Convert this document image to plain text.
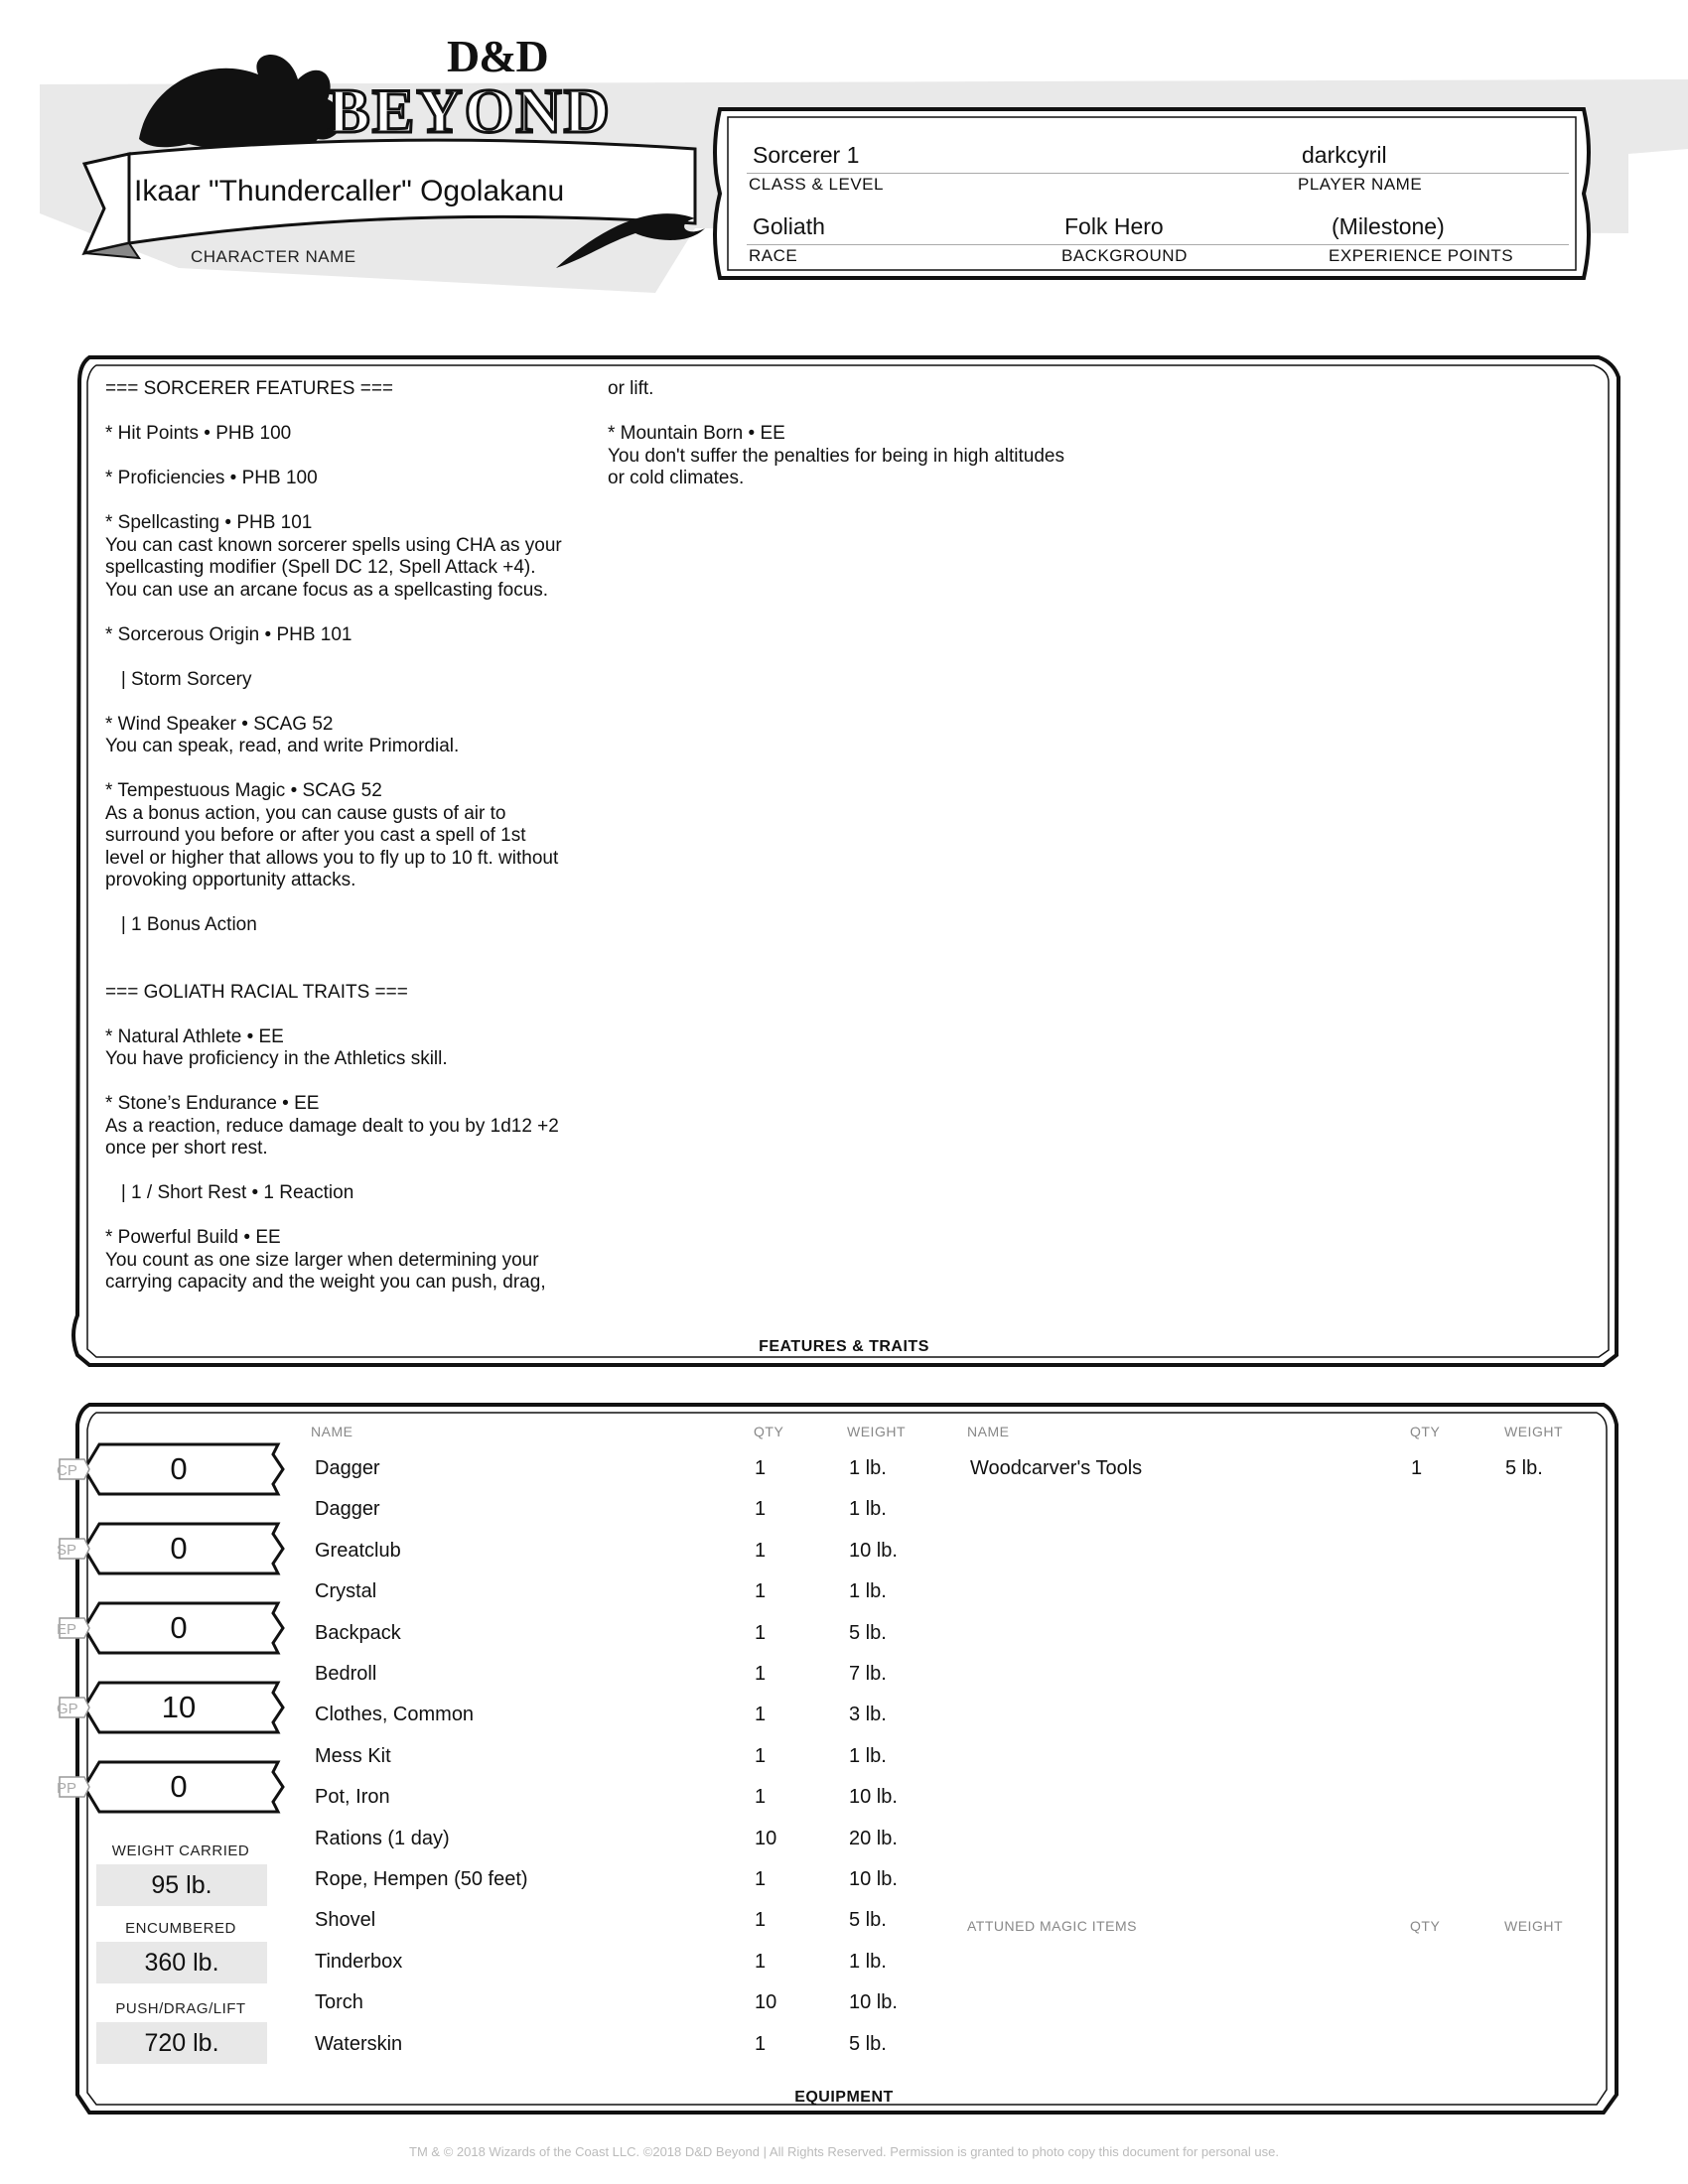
D&D
BEYOND
Ikaar "Thundercaller" Ogolakanu
CHARACTER NAME
Sorcerer 1
CLASS & LEVEL
darkcyril
PLAYER NAME
Goliath
RACE
Folk Hero
BACKGROUND
(Milestone)
EXPERIENCE POINTS
=== SORCERER FEATURES ===

* Hit Points • PHB 100

* Proficiencies • PHB 100

* Spellcasting • PHB 101
You can cast known sorcerer spells using CHA as your
spellcasting modifier (Spell DC 12, Spell Attack +4).
You can use an arcane focus as a spellcasting focus.

* Sorcerous Origin • PHB 101

| Storm Sorcery

* Wind Speaker • SCAG 52
You can speak, read, and write Primordial.

* Tempestuous Magic • SCAG 52
As a bonus action, you can cause gusts of air to
surround you before or after you cast a spell of 1st
level or higher that allows you to fly up to 10 ft. without
provoking opportunity attacks.

| 1 Bonus Action

=== GOLIATH RACIAL TRAITS ===

* Natural Athlete • EE
You have proficiency in the Athletics skill.

* Stone’s Endurance • EE
As a reaction, reduce damage dealt to you by 1d12 +2
once per short rest.

| 1 / Short Rest • 1 Reaction

* Powerful Build • EE
You count as one size larger when determining your
carrying capacity and the weight you can push, drag,
or lift.

* Mountain Born • EE
You don't suffer the penalties for being in high altitudes
or cold climates.
FEATURES & TRAITS
CP	0
SP	0
EP	0
GP	10
PP	0
WEIGHT CARRIED
95 lb.
ENCUMBERED
360 lb.
PUSH/DRAG/LIFT
720 lb.
NAME	QTY	WEIGHT	NAME	QTY	WEIGHT
Dagger	1	1 lb.
Dagger	1	1 lb.
Greatclub	1	10 lb.
Crystal	1	1 lb.
Backpack	1	5 lb.
Bedroll	1	7 lb.
Clothes, Common	1	3 lb.
Mess Kit	1	1 lb.
Pot, Iron	1	10 lb.
Rations (1 day)	10	20 lb.
Rope, Hempen (50 feet)	1	10 lb.
Shovel	1	5 lb.
Tinderbox	1	1 lb.
Torch	10	10 lb.
Waterskin	1	5 lb.
Woodcarver's Tools	1	5 lb.
ATTUNED MAGIC ITEMS	QTY	WEIGHT
EQUIPMENT
TM & © 2018 Wizards of the Coast LLC. ©2018 D&D Beyond | All Rights Reserved. Permission is granted to photo copy this document for personal use.
